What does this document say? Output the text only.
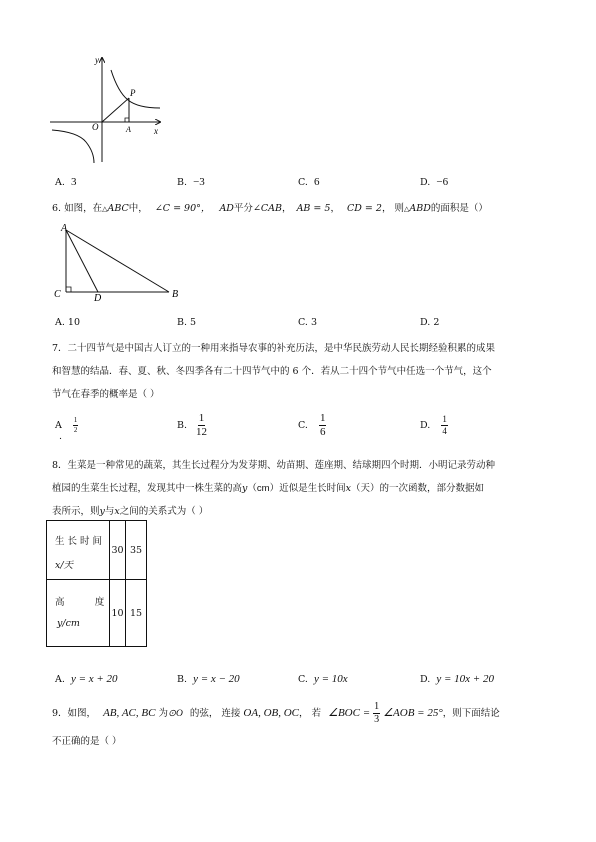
y
x
O	A
P
A. 3	B. −3	C. 6	D. −6
6. 如图，在△ABC中， ∠C = 90°， AD平分∠CAB， AB = 5， CD = 2， 则△ABD的面积是（）
A
C	D	B
A. 10	B. 5	C. 3	D. 2
7．二十四节气是中国古人订立的一种用来指导农事的补充历法，是中华民族劳动人民长期经验积累的成果
和智慧的结晶．春、夏、秋、冬四季各有二十四节气中的 6 个．若从二十四个节气中任选一个节气，这个
节气在春季的概率是（ ）
A $\frac{1}{2}$
.
B. $\frac{1}{12}$	C. $\frac{1}{6}$	D. $\frac{1}{4}$
8．生菜是一种常见的蔬菜，其生长过程分为发芽期、幼苗期、莲座期、结球期四个时期．小明记录劳动种
植园的生菜生长过程，发现其中一株生菜的高y（cm）近似是生长时间x（天）的一次函数，部分数据如
表所示，则y与x之间的关系式为（ ）
生 长 时 间
x/天	30	35

高          度
y/cm	10	15
A. y = x + 20	B. y = x − 20	C. y = 10x	D. y = 10x + 20
9．如图， AB, AC, BC 为⊙O 的弦， 连接 OA, OB, OC， 若 ∠BOC = $\frac{1}{3}$ ∠AOB = 25°，则下面结论
不正确的是（ ）
